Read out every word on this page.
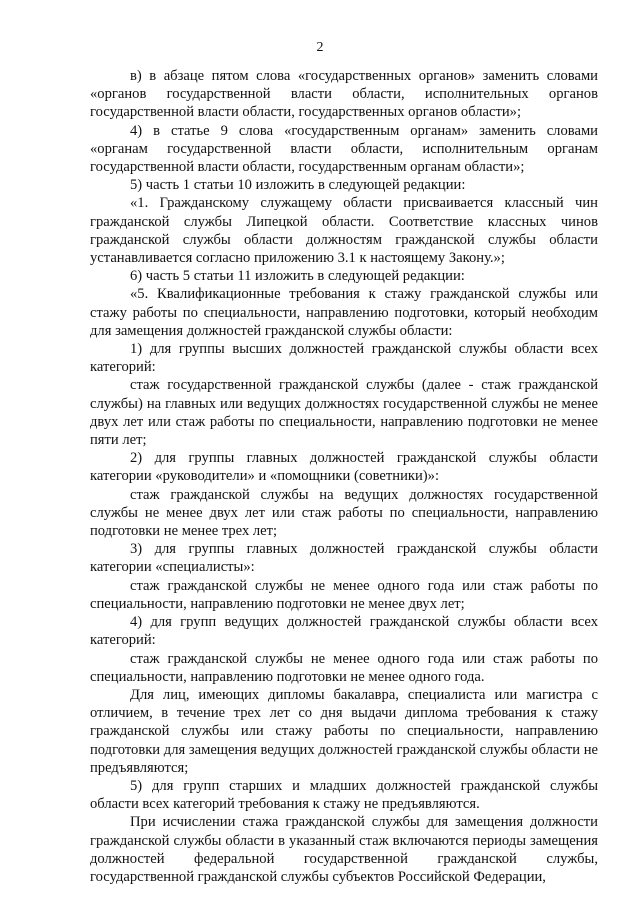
2

в) в абзаце пятом слова «государственных органов» заменить словами «органов государственной власти области, исполнительных органов государственной власти области, государственных органов области»;

4) в статье 9 слова «государственным органам» заменить словами «органам государственной власти области, исполнительным органам государственной власти области, государственным органам области»;

5) часть 1 статьи 10 изложить в следующей редакции:

«1. Гражданскому служащему области присваивается классный чин гражданской службы Липецкой области. Соответствие классных чинов гражданской службы области должностям гражданской службы области устанавливается согласно приложению 3.1 к настоящему Закону.»;

6) часть 5 статьи 11 изложить в следующей редакции:

«5. Квалификационные требования к стажу гражданской службы или стажу работы по специальности, направлению подготовки, который необходим для замещения должностей гражданской службы области:

1) для группы высших должностей гражданской службы области всех категорий:

стаж государственной гражданской службы (далее - стаж гражданской службы) на главных или ведущих должностях государственной службы не менее двух лет или стаж работы по специальности, направлению подготовки не менее пяти лет;

2) для группы главных должностей гражданской службы области категории «руководители» и «помощники (советники)»:

стаж гражданской службы на ведущих должностях государственной службы не менее двух лет или стаж работы по специальности, направлению подготовки не менее трех лет;

3) для группы главных должностей гражданской службы области категории «специалисты»:

стаж гражданской службы не менее одного года или стаж работы по специальности, направлению подготовки не менее двух лет;

4) для групп ведущих должностей гражданской службы области всех категорий:

стаж гражданской службы не менее одного года или стаж работы по специальности, направлению подготовки не менее одного года.

Для лиц, имеющих дипломы бакалавра, специалиста или магистра с отличием, в течение трех лет со дня выдачи диплома требования к стажу гражданской службы или стажу работы по специальности, направлению подготовки для замещения ведущих должностей гражданской службы области не предъявляются;

5) для групп старших и младших должностей гражданской службы области всех категорий требования к стажу не предъявляются.

При исчислении стажа гражданской службы для замещения должности гражданской службы области в указанный стаж включаются периоды замещения должностей федеральной государственной гражданской службы, государственной гражданской службы субъектов Российской Федерации,
